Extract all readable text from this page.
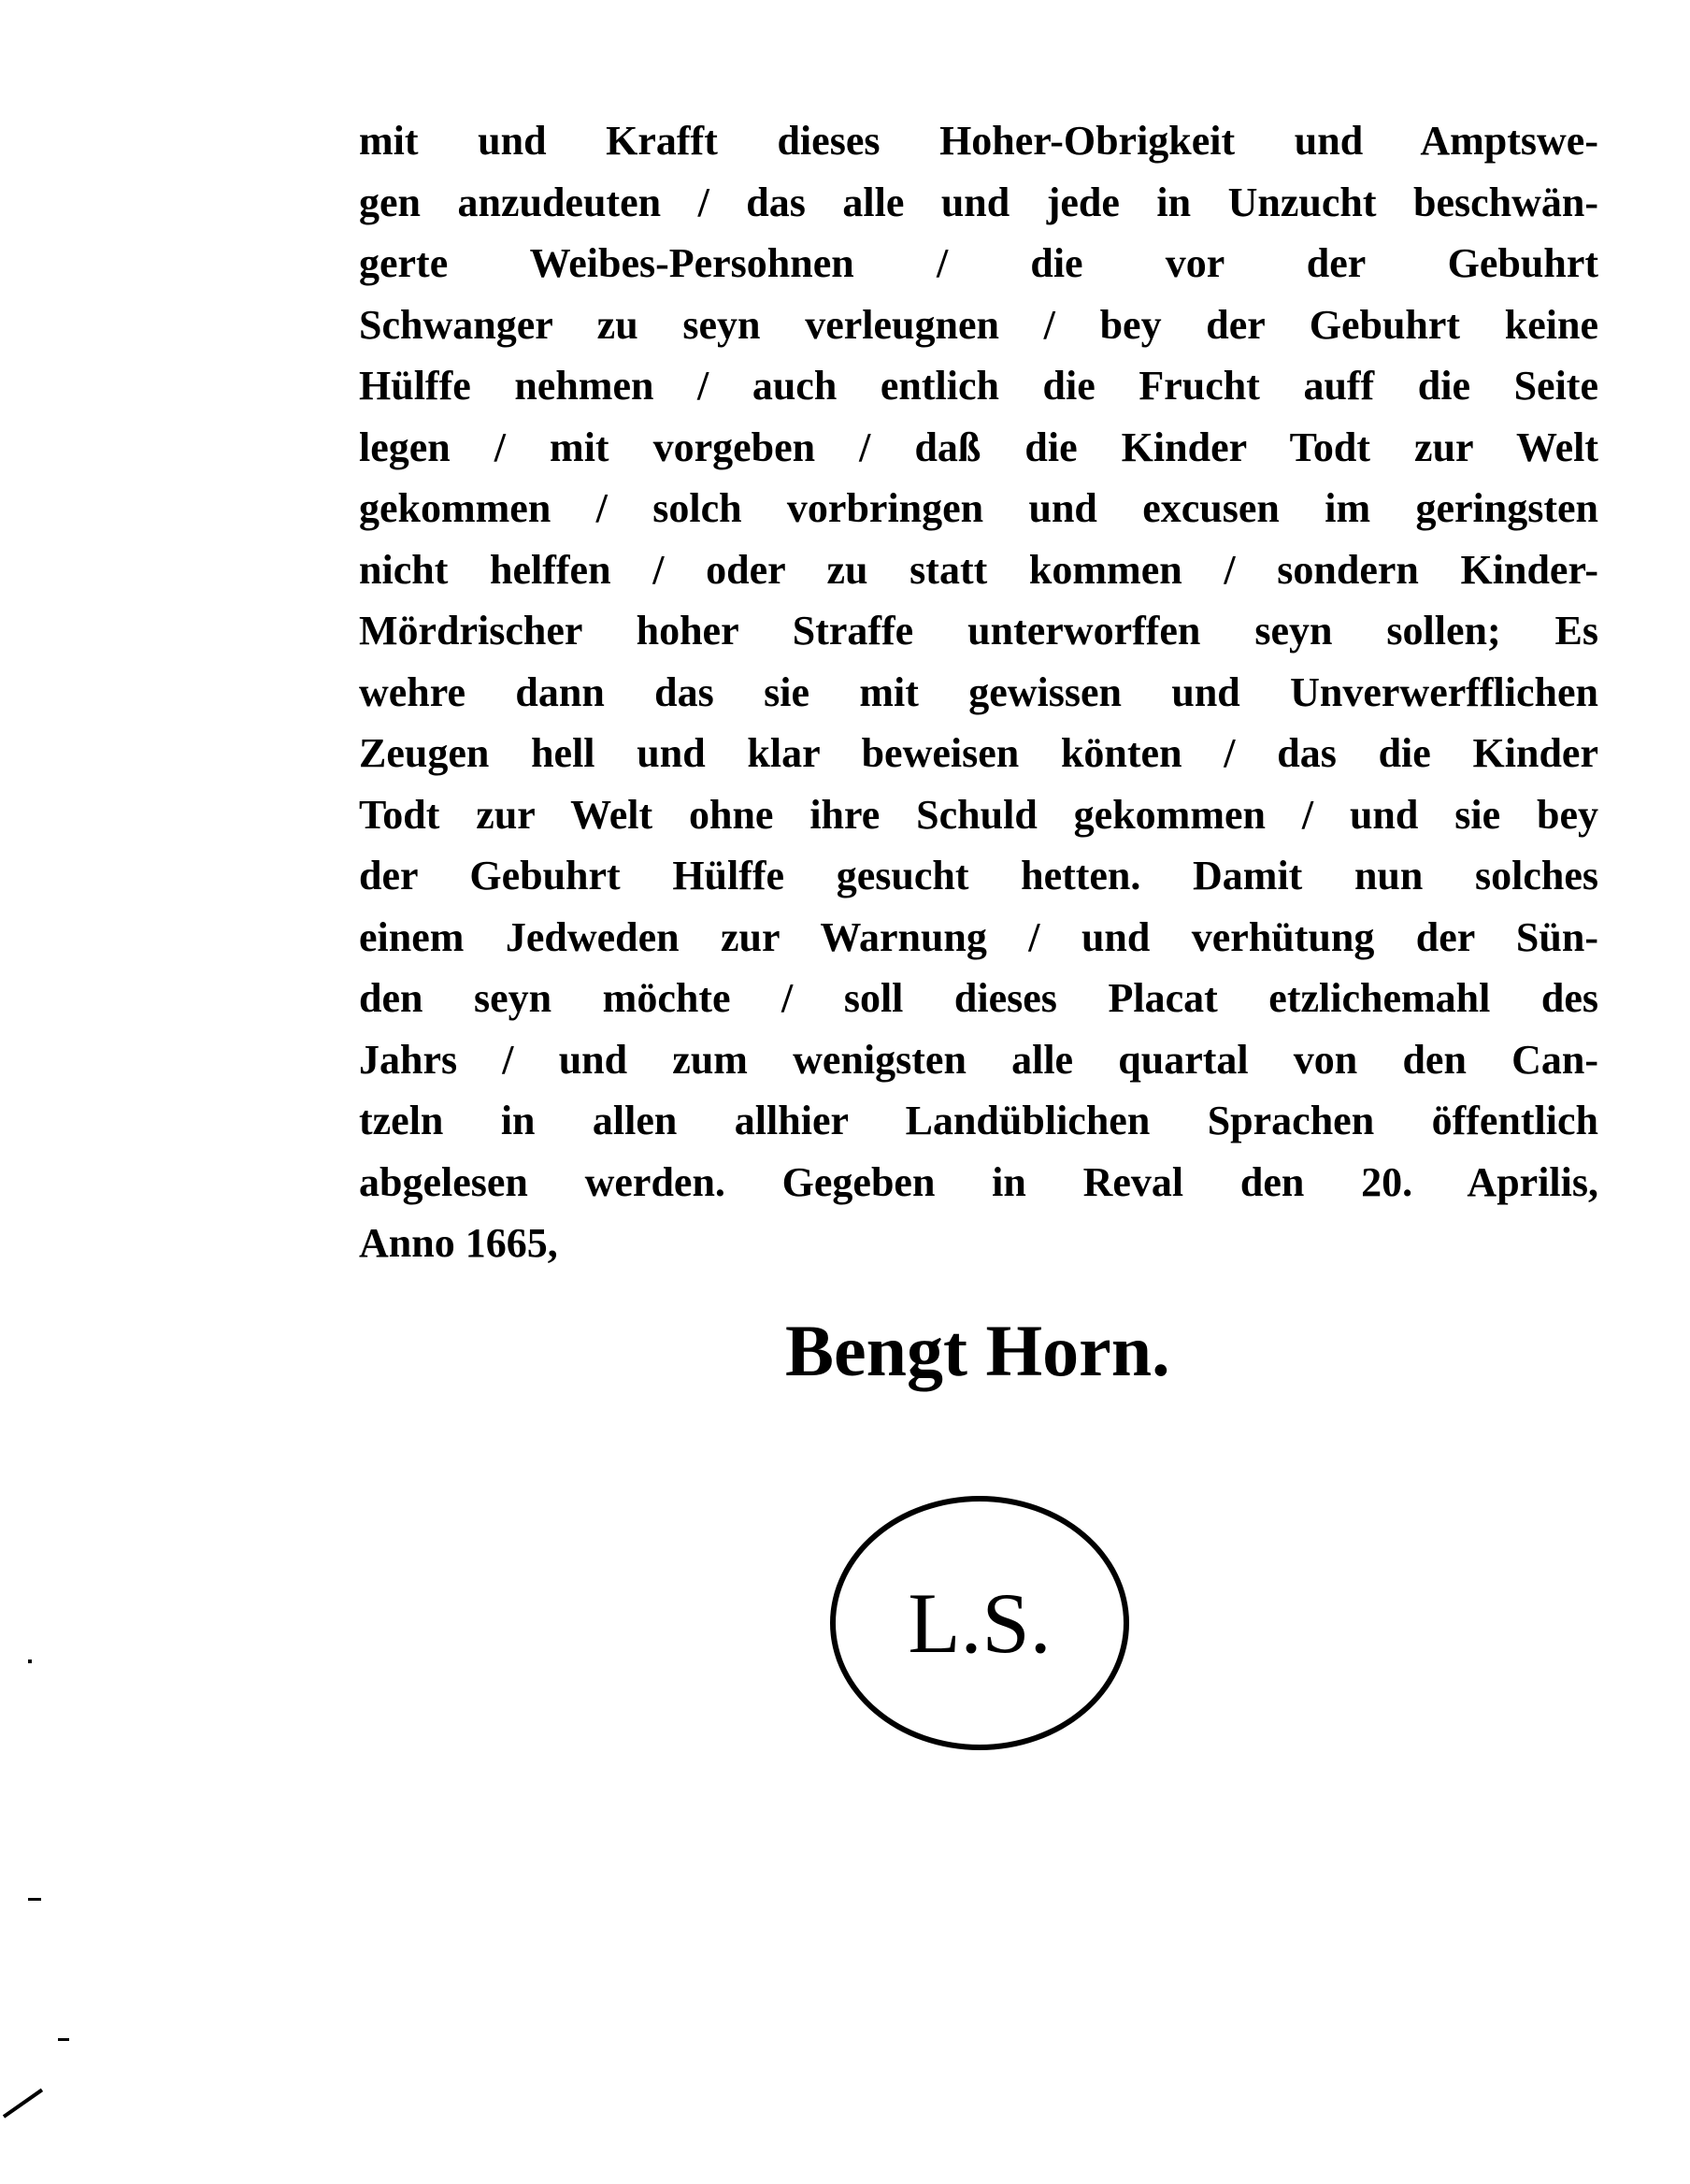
mit und Krafft dieses Hoher-Obrigkeit und Amptswe-
gen anzudeuten / das alle und jede in Unzucht beschwän-
gerte Weibes-Persohnen / die vor der Gebuhrt
Schwanger zu seyn verleugnen / bey der Gebuhrt keine
Hülffe nehmen / auch entlich die Frucht auff die Seite
legen / mit vorgeben / daß die Kinder Todt zur Welt
gekommen / solch vorbringen und excusen im geringsten
nicht helffen / oder zu statt kommen / sondern Kinder-
Mördrischer hoher Straffe unterworffen seyn sollen; Es
wehre dann das sie mit gewissen und Unverwerfflichen
Zeugen hell und klar beweisen könten / das die Kinder
Todt zur Welt ohne ihre Schuld gekommen / und sie bey
der Gebuhrt Hülffe gesucht hetten. Damit nun solches
einem Jedweden zur Warnung / und verhütung der Sün-
den seyn möchte / soll dieses Placat etzlichemahl des
Jahrs / und zum wenigsten alle quartal von den Can-
tzeln in allen allhier Landüblichen Sprachen öffentlich
abgelesen werden. Gegeben in Reval den 20. Aprilis,
Anno 1665,
Bengt Horn.
L.S.
